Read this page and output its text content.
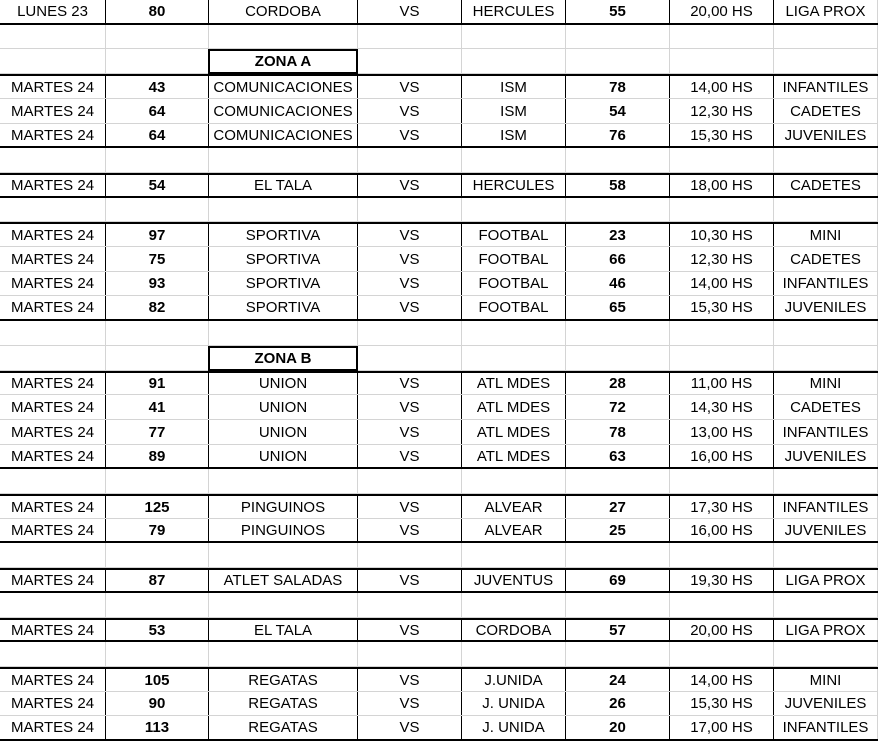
LUNES 23	80	CORDOBA	VS	HERCULES	55	20,00 HS	LIGA PROX
ZONA A
MARTES 24	43	COMUNICACIONES	VS	ISM	78	14,00 HS	INFANTILES
MARTES 24	64	COMUNICACIONES	VS	ISM	54	12,30 HS	CADETES
MARTES 24	64	COMUNICACIONES	VS	ISM	76	15,30 HS	JUVENILES
MARTES 24	54	EL TALA	VS	HERCULES	58	18,00 HS	CADETES
MARTES 24	97	SPORTIVA	VS	FOOTBAL	23	10,30 HS	MINI
MARTES 24	75	SPORTIVA	VS	FOOTBAL	66	12,30 HS	CADETES
MARTES 24	93	SPORTIVA	VS	FOOTBAL	46	14,00 HS	INFANTILES
MARTES 24	82	SPORTIVA	VS	FOOTBAL	65	15,30 HS	JUVENILES
ZONA B
MARTES 24	91	UNION	VS	ATL MDES	28	11,00 HS	MINI
MARTES 24	41	UNION	VS	ATL MDES	72	14,30 HS	CADETES
MARTES 24	77	UNION	VS	ATL MDES	78	13,00 HS	INFANTILES
MARTES 24	89	UNION	VS	ATL MDES	63	16,00 HS	JUVENILES
MARTES 24	125	PINGUINOS	VS	ALVEAR	27	17,30 HS	INFANTILES
MARTES 24	79	PINGUINOS	VS	ALVEAR	25	16,00 HS	JUVENILES
MARTES 24	87	ATLET SALADAS	VS	JUVENTUS	69	19,30 HS	LIGA PROX
MARTES 24	53	EL TALA	VS	CORDOBA	57	20,00 HS	LIGA PROX
MARTES 24	105	REGATAS	VS	J.UNIDA	24	14,00 HS	MINI
MARTES 24	90	REGATAS	VS	J. UNIDA	26	15,30 HS	JUVENILES
MARTES 24	113	REGATAS	VS	J. UNIDA	20	17,00 HS	INFANTILES
